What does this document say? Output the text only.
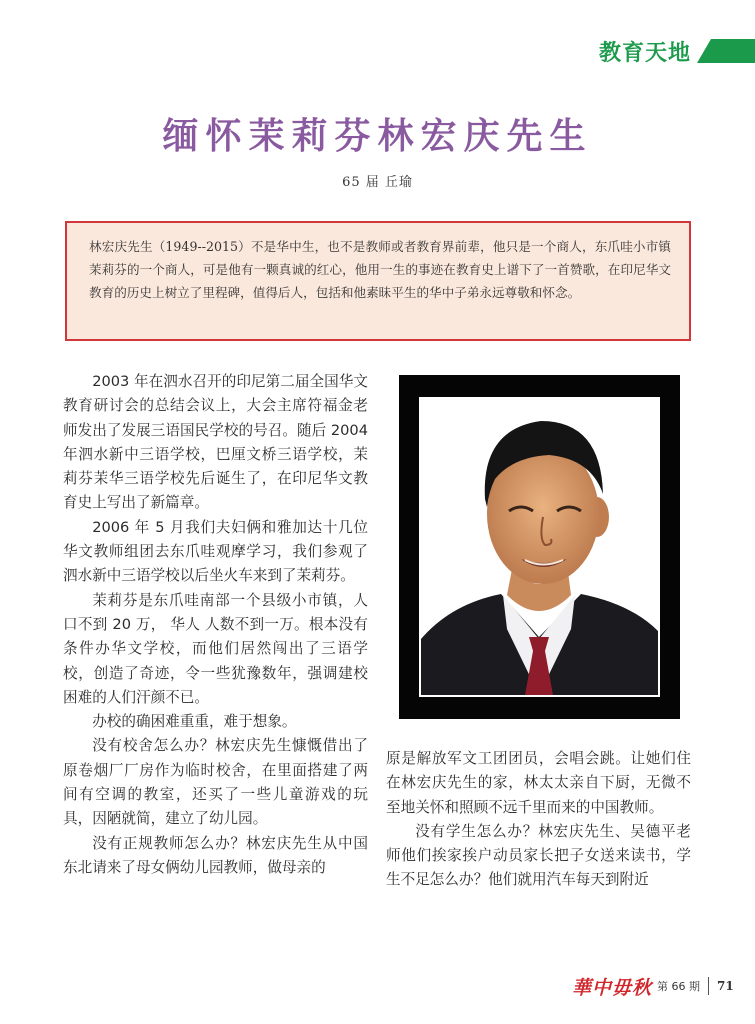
教育天地
缅怀茉莉芬林宏庆先生
65 届 丘瑜
林宏庆先生（1949--2015）不是华中生，也不是教师或者教育界前辈，他只是一个商人，东爪哇小市镇茉莉芬的一个商人，可是他有一颗真诚的红心，他用一生的事迹在教育史上谱下了一首赞歌，在印尼华文教育的历史上树立了里程碑，值得后人，包括和他素昧平生的华中子弟永远尊敬和怀念。

2003 年在泗水召开的印尼第二届全国华文教育研讨会的总结会议上，大会主席符福金老师发出了发展三语国民学校的号召。随后 2004 年泗水新中三语学校，巴厘文桥三语学校，茉莉芬茉华三语学校先后诞生了，在印尼华文教育史上写出了新篇章。

2006 年 5 月我们夫妇俩和雅加达十几位华文教师组团去东爪哇观摩学习，我们参观了泗水新中三语学校以后坐火车来到了茉莉芬。

茉莉芬是东爪哇南部一个县级小市镇，人口不到 20 万， 华人 人数不到一万。根本没有条件办华文学校，而他们居然闯出了三语学校，创造了奇迹，令一些犹豫数年，强调建校困难的人们汗颜不已。

办校的确困难重重，难于想象。

没有校舍怎么办？林宏庆先生慷慨借出了原卷烟厂厂房作为临时校舍，在里面搭建了两间有空调的教室，还买了一些儿童游戏的玩具，因陋就简，建立了幼儿园。

没有正规教师怎么办？林宏庆先生从中国东北请来了母女俩幼儿园教师，做母亲的

原是解放军文工团团员，会唱会跳。让她们住在林宏庆先生的家，林太太亲自下厨，无微不至地关怀和照顾不远千里而来的中国教师。

没有学生怎么办？林宏庆先生、吴德平老师他们挨家挨户动员家长把子女送来读书，学生不足怎么办？他们就用汽车每天到附近

華中毋秋 第 66 期 71
